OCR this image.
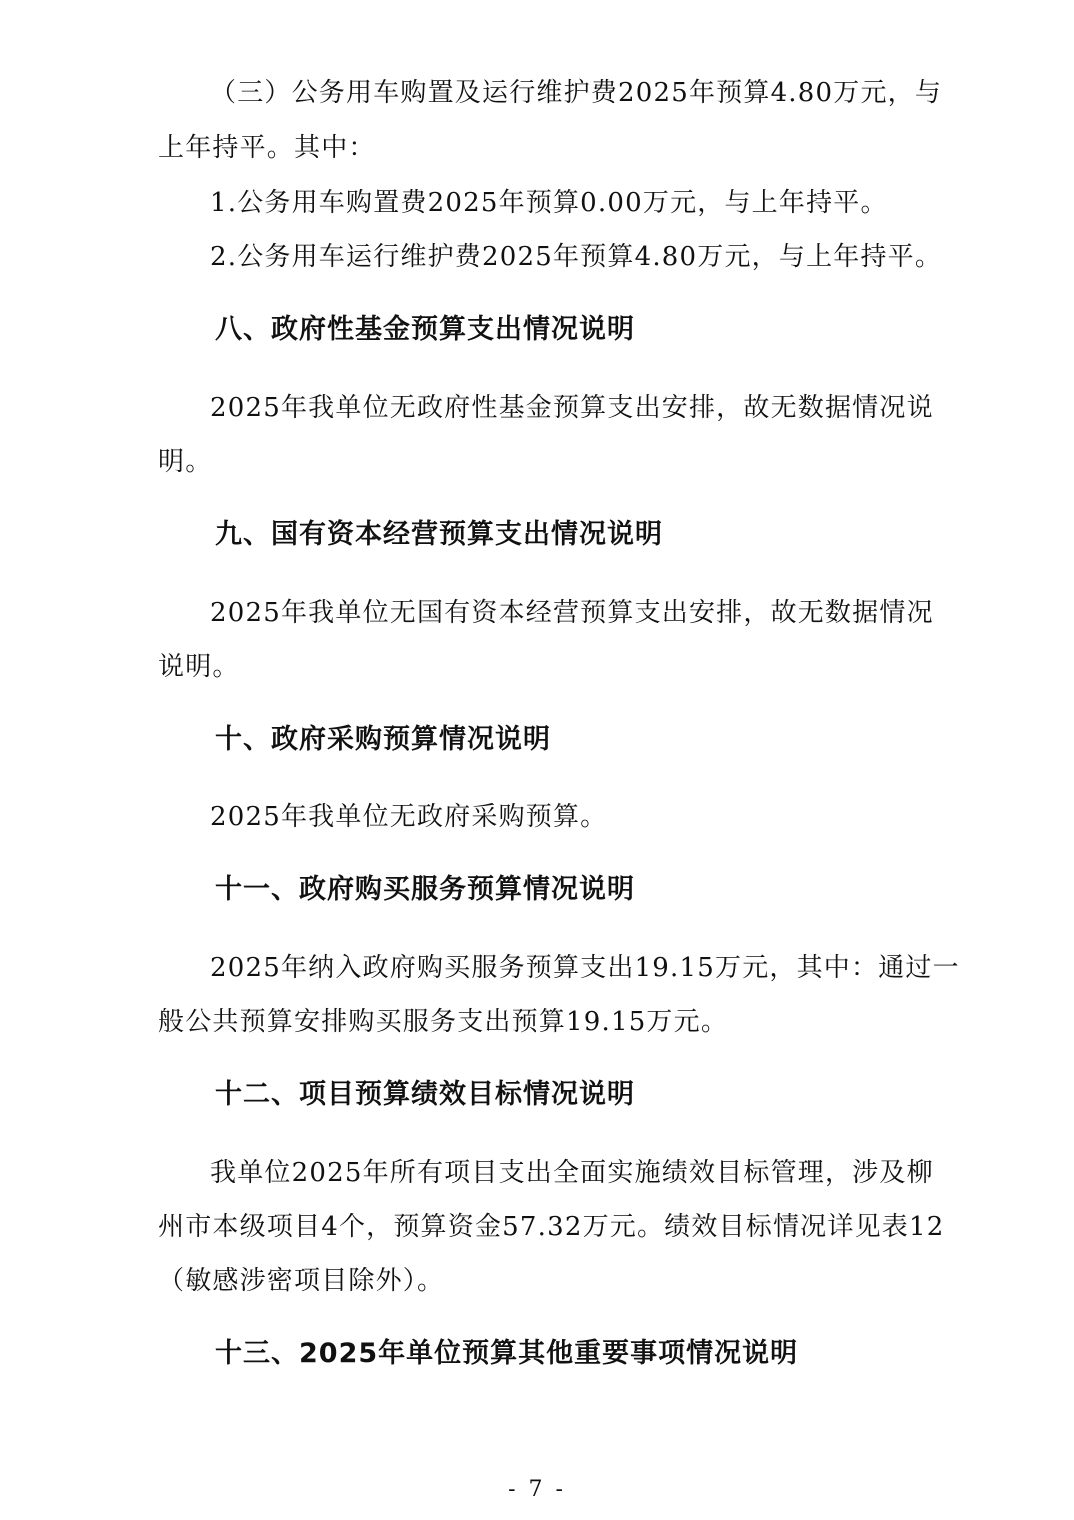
（三）公务用车购置及运行维护费2025年预算4.80万元，与
上年持平。其中：
1.公务用车购置费2025年预算0.00万元，与上年持平。
2.公务用车运行维护费2025年预算4.80万元，与上年持平。
八、政府性基金预算支出情况说明
2025年我单位无政府性基金预算支出安排，故无数据情况说
明。
九、国有资本经营预算支出情况说明
2025年我单位无国有资本经营预算支出安排，故无数据情况
说明。
十、政府采购预算情况说明
2025年我单位无政府采购预算。
十一、政府购买服务预算情况说明
2025年纳入政府购买服务预算支出19.15万元，其中：通过一
般公共预算安排购买服务支出预算19.15万元。
十二、项目预算绩效目标情况说明
我单位2025年所有项目支出全面实施绩效目标管理，涉及柳
州市本级项目4个，预算资金57.32万元。绩效目标情况详见表12
（敏感涉密项目除外）。
十三、2025年单位预算其他重要事项情况说明
- 7 -
